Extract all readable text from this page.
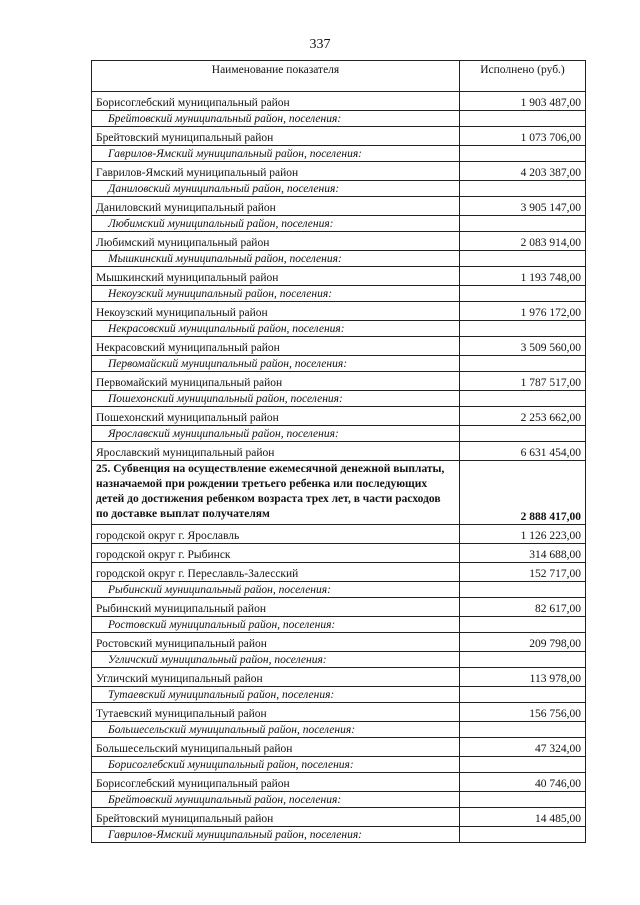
337
Наименование показателя	Исполнено (руб.)
Борисоглебский муниципальный район	1 903 487,00
Брейтовский муниципальный район, поселения:	
Брейтовский муниципальный район	1 073 706,00
Гаврилов-Ямский муниципальный район, поселения:	
Гаврилов-Ямский муниципальный район	4 203 387,00
Даниловский муниципальный район, поселения:	
Даниловский муниципальный район	3 905 147,00
Любимский муниципальный район, поселения:	
Любимский муниципальный район	2 083 914,00
Мышкинский муниципальный район, поселения:	
Мышкинский муниципальный район	1 193 748,00
Некоузский муниципальный район, поселения:	
Некоузский муниципальный район	1 976 172,00
Некрасовский муниципальный район, поселения:	
Некрасовский муниципальный район	3 509 560,00
Первомайский муниципальный район, поселения:	
Первомайский муниципальный район	1 787 517,00
Пошехонский муниципальный район, поселения:	
Пошехонский муниципальный район	2 253 662,00
Ярославский муниципальный район, поселения:	
Ярославский муниципальный район	6 631 454,00
25. Субвенция на осуществление ежемесячной денежной выплаты, назначаемой при рождении третьего ребенка или последующих детей до достижения ребенком возраста трех лет, в части расходов по доставке выплат получателям	2 888 417,00
городской округ г. Ярославль	1 126 223,00
городской округ г. Рыбинск	314 688,00
городской округ г. Переславль-Залесский	152 717,00
Рыбинский муниципальный район, поселения:	
Рыбинский муниципальный район	82 617,00
Ростовский муниципальный район, поселения:	
Ростовский муниципальный район	209 798,00
Угличский муниципальный район, поселения:	
Угличский муниципальный район	113 978,00
Тутаевский муниципальный район, поселения:	
Тутаевский муниципальный район	156 756,00
Большесельский муниципальный район, поселения:	
Большесельский муниципальный район	47 324,00
Борисоглебский муниципальный район, поселения:	
Борисоглебский муниципальный район	40 746,00
Брейтовский муниципальный район, поселения:	
Брейтовский муниципальный район	14 485,00
Гаврилов-Ямский муниципальный район, поселения:	
